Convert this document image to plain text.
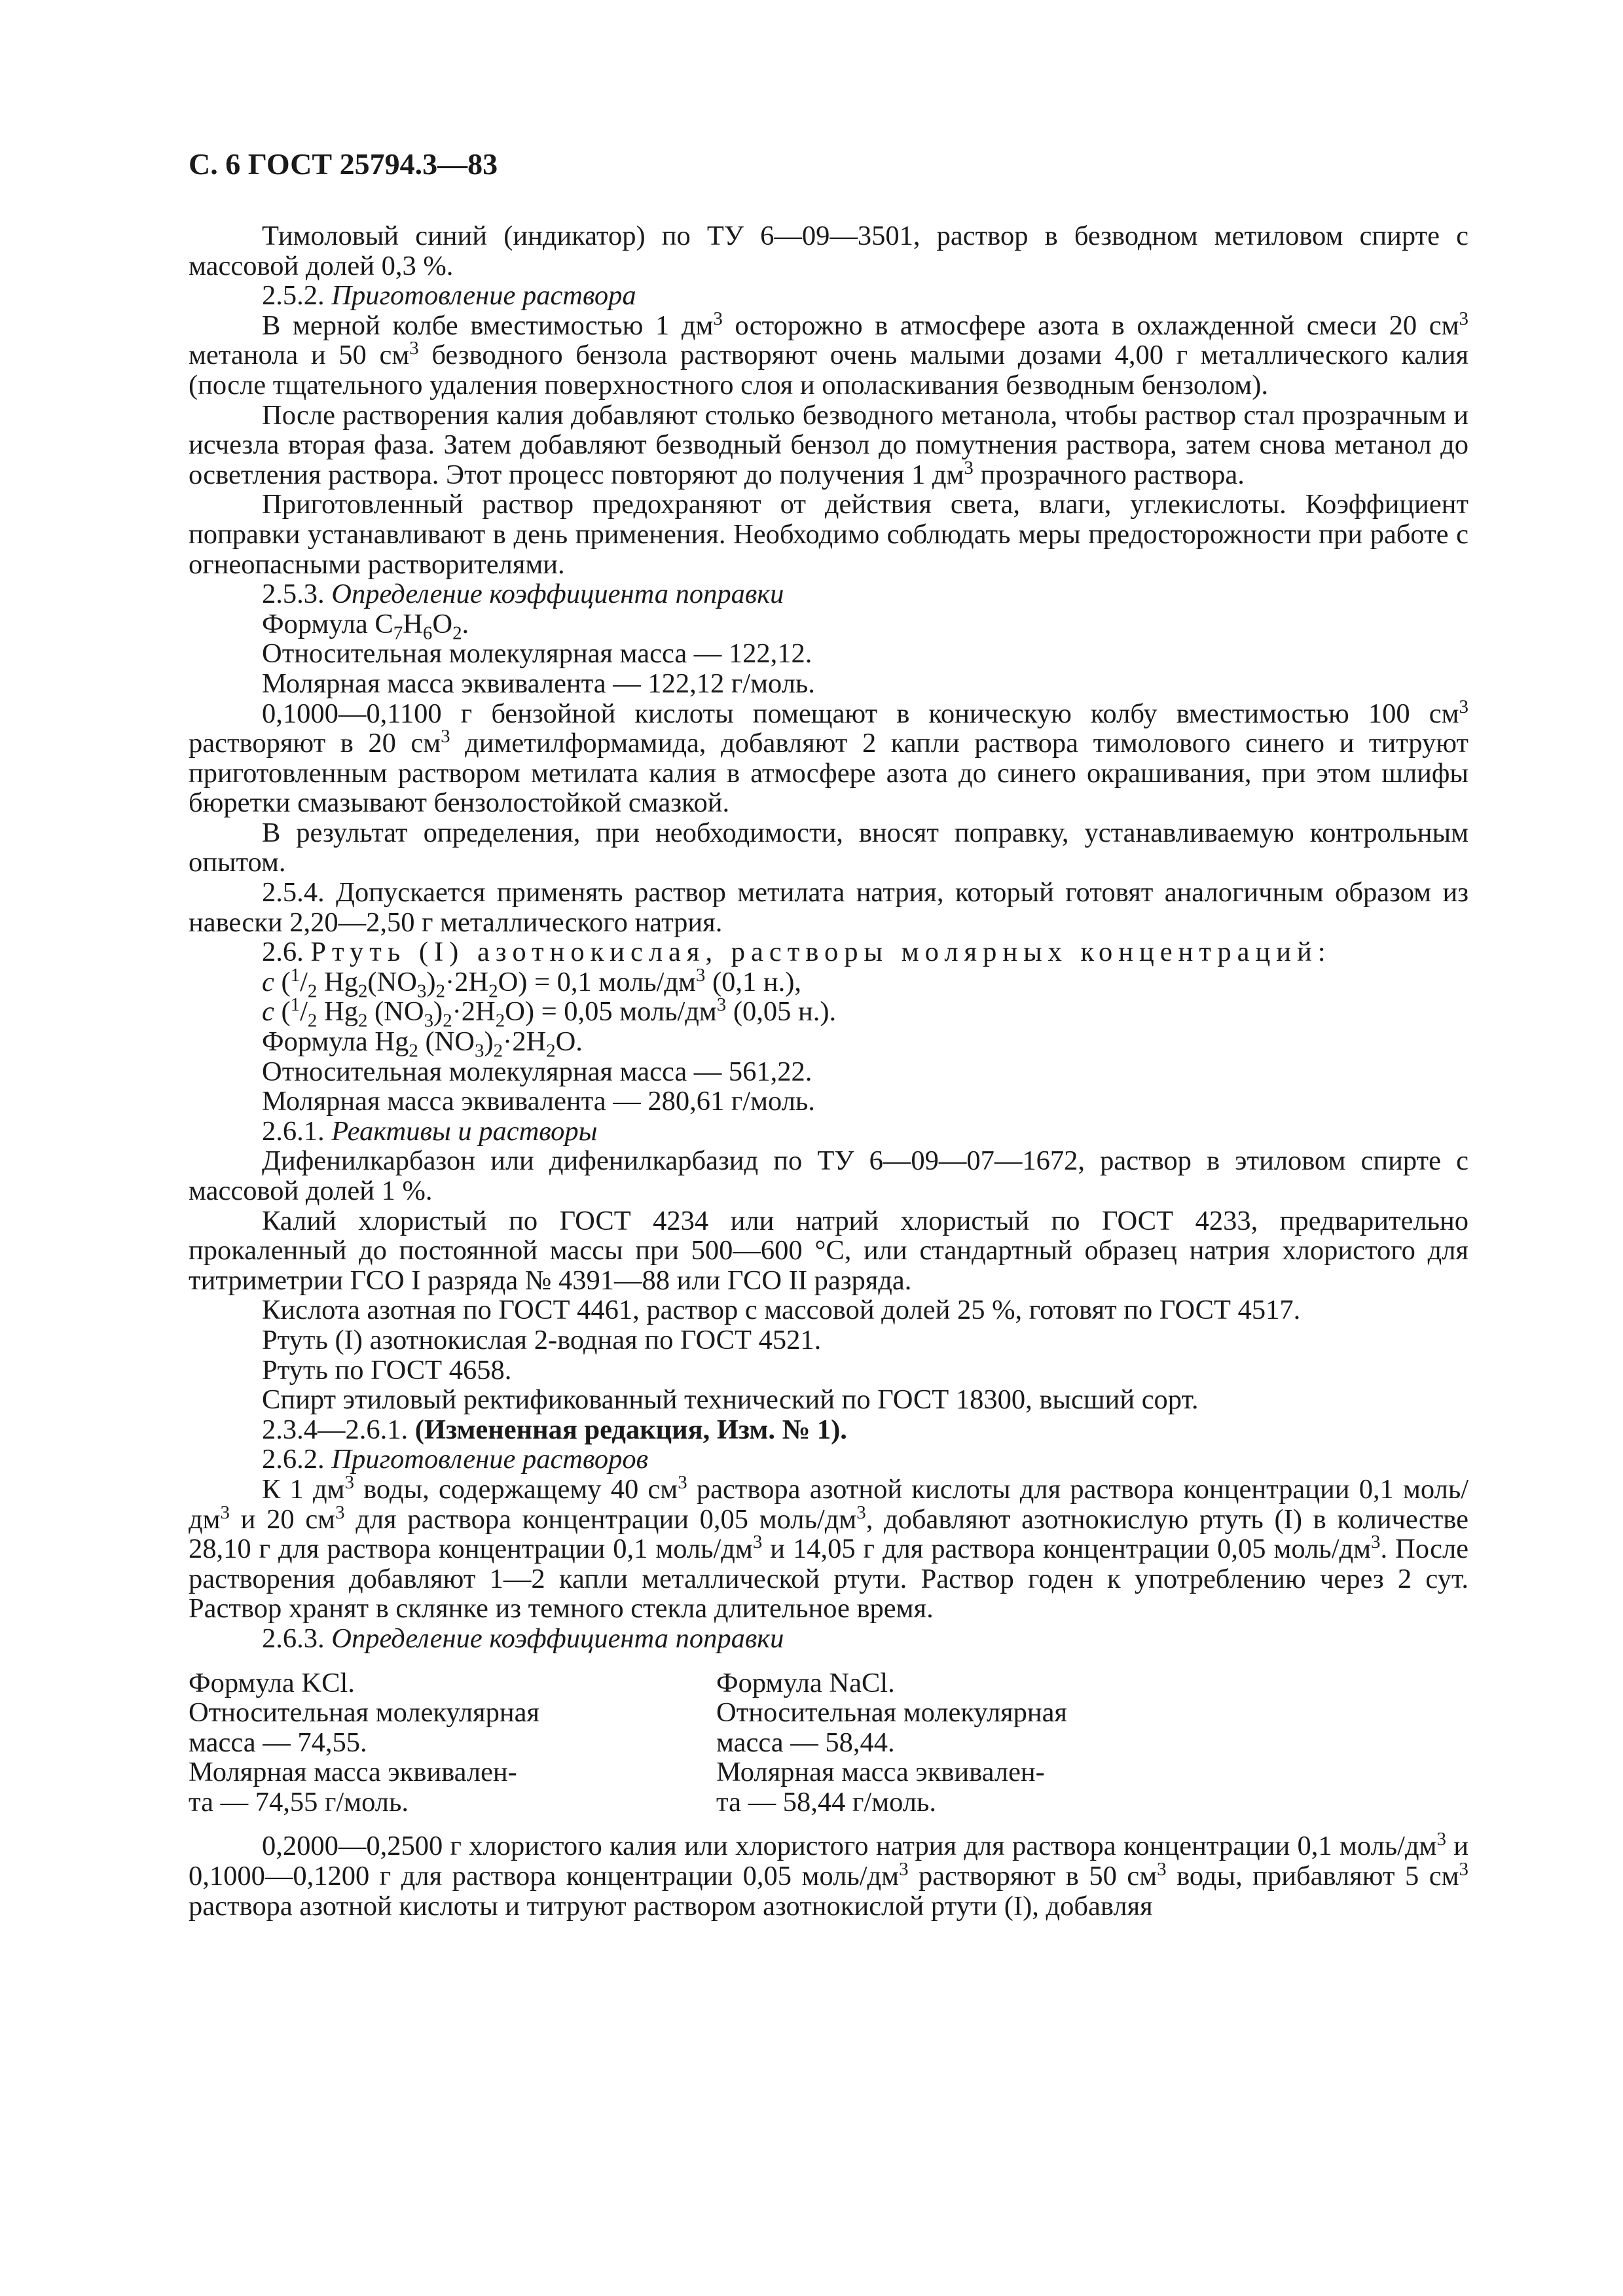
С. 6 ГОСТ 25794.3—83

Тимоловый синий (индикатор) по ТУ 6—09—3501, раствор в безводном метиловом спирте с массовой долей 0,3 %.

2.5.2. Приготовление раствора

В мерной колбе вместимостью 1 $дм^3$ осторожно в атмосфере азота в охлажденной смеси 20 $см^3$ метанола и 50 $см^3$ безводного бензола растворяют очень малыми дозами 4,00 г металлического калия (после тщательного удаления поверхностного слоя и ополаскивания безводным бензолом).

После растворения калия добавляют столько безводного метанола, чтобы раствор стал прозрачным и исчезла вторая фаза. Затем добавляют безводный бензол до помутнения раствора, затем снова метанол до осветления раствора. Этот процесс повторяют до получения 1 $дм^3$ прозрачного раствора.

Приготовленный раствор предохраняют от действия света, влаги, углекислоты. Коэффициент поправки устанавливают в день применения. Необходимо соблюдать меры предосторожности при работе с огнеопасными растворителями.

2.5.3. Определение коэффициента поправки

Формула $C_7H_6O_2$.

Относительная молекулярная масса — 122,12.

Молярная масса эквивалента — 122,12 г/моль.

0,1000—0,1100 г бензойной кислоты помещают в коническую колбу вместимостью 100 $см^3$ растворяют в 20 $см^3$ диметилформамида, добавляют 2 капли раствора тимолового синего и титруют приготовленным раствором метилата калия в атмосфере азота до синего окрашивания, при этом шлифы бюретки смазывают бензолостойкой смазкой.

В результат определения, при необходимости, вносят поправку, устанавливаемую контрольным опытом.

2.5.4. Допускается применять раствор метилата натрия, который готовят аналогичным образом из навески 2,20—2,50 г металлического натрия.

2.6. Ртуть (I) азотнокислая, растворы молярных концентраций:

c ($^1/_2$ $Hg_2(NO_3)_2\cdot 2H_2O) = 0,1$ моль/$дм^3$ (0,1 н.),

c ($^1/_2$ $Hg_2$ $(NO_3)_2\cdot 2H_2O) = 0,05$ моль/$дм^3$ (0,05 н.).

Формула $Hg_2$ $(NO_3)_2\cdot 2H_2O$.

Относительная молекулярная масса — 561,22.

Молярная масса эквивалента — 280,61 г/моль.

2.6.1. Реактивы и растворы

Дифенилкарбазон или дифенилкарбазид по ТУ 6—09—07—1672, раствор в этиловом спирте с массовой долей 1 %.

Калий хлористый по ГОСТ 4234 или натрий хлористый по ГОСТ 4233, предварительно прокаленный до постоянной массы при 500—600 °С, или стандартный образец натрия хлористого для титриметрии ГСО I разряда № 4391—88 или ГСО II разряда.

Кислота азотная по ГОСТ 4461, раствор с массовой долей 25 %, готовят по ГОСТ 4517.

Ртуть (I) азотнокислая 2-водная по ГОСТ 4521.

Ртуть по ГОСТ 4658.

Спирт этиловый ректификованный технический по ГОСТ 18300, высший сорт.

2.3.4—2.6.1. (Измененная редакция, Изм. № 1).

2.6.2. Приготовление растворов

К 1 $дм^3$ воды, содержащему 40 $см^3$ раствора азотной кислоты для раствора концентрации 0,1 моль/$дм^3$ и 20 $см^3$ для раствора концентрации 0,05 моль/$дм^3$, добавляют азотнокислую ртуть (I) в количестве 28,10 г для раствора концентрации 0,1 моль/$дм^3$ и 14,05 г для раствора концентрации 0,05 моль/$дм^3$. После растворения добавляют 1—2 капли металлической ртути. Раствор годен к употреблению через 2 сут. Раствор хранят в склянке из темного стекла длительное время.

2.6.3. Определение коэффициента поправки

Формула KCl.

Относительная молекулярная

масса — 74,55.

Молярная масса эквивален-

та — 74,55 г/моль.

Формула NaCl.

Относительная молекулярная

масса — 58,44.

Молярная масса эквивален-

та — 58,44 г/моль.

0,2000—0,2500 г хлористого калия или хлористого натрия для раствора концентрации 0,1 моль/$дм^3$ и 0,1000—0,1200 г для раствора концентрации 0,05 моль/$дм^3$ растворяют в 50 $см^3$ воды, прибавляют 5 $см^3$ раствора азотной кислоты и титруют раствором азотнокислой ртути (I), добавляя
